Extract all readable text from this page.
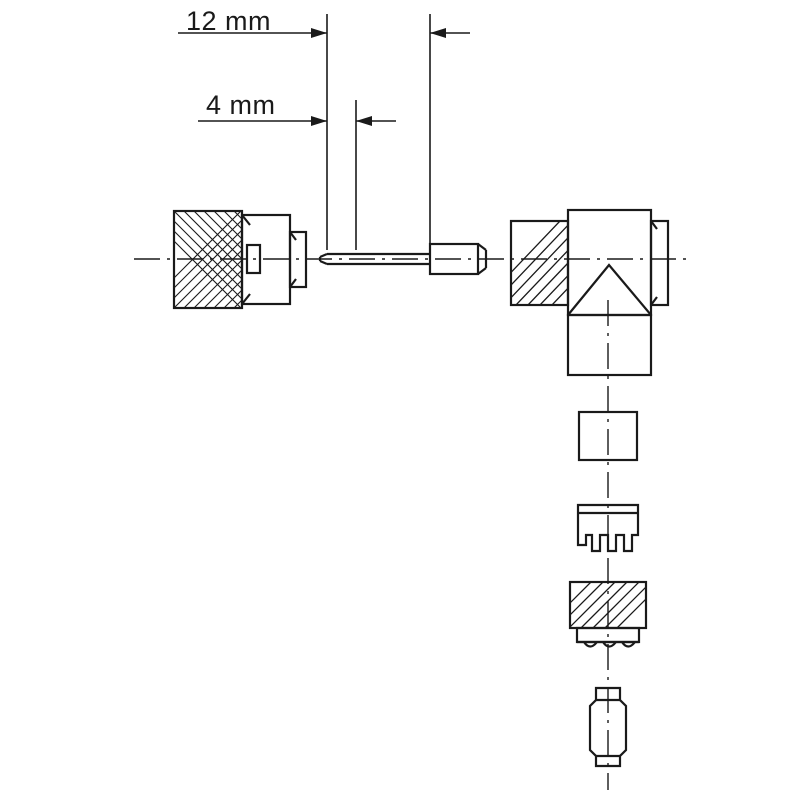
12 mm
4 mm
